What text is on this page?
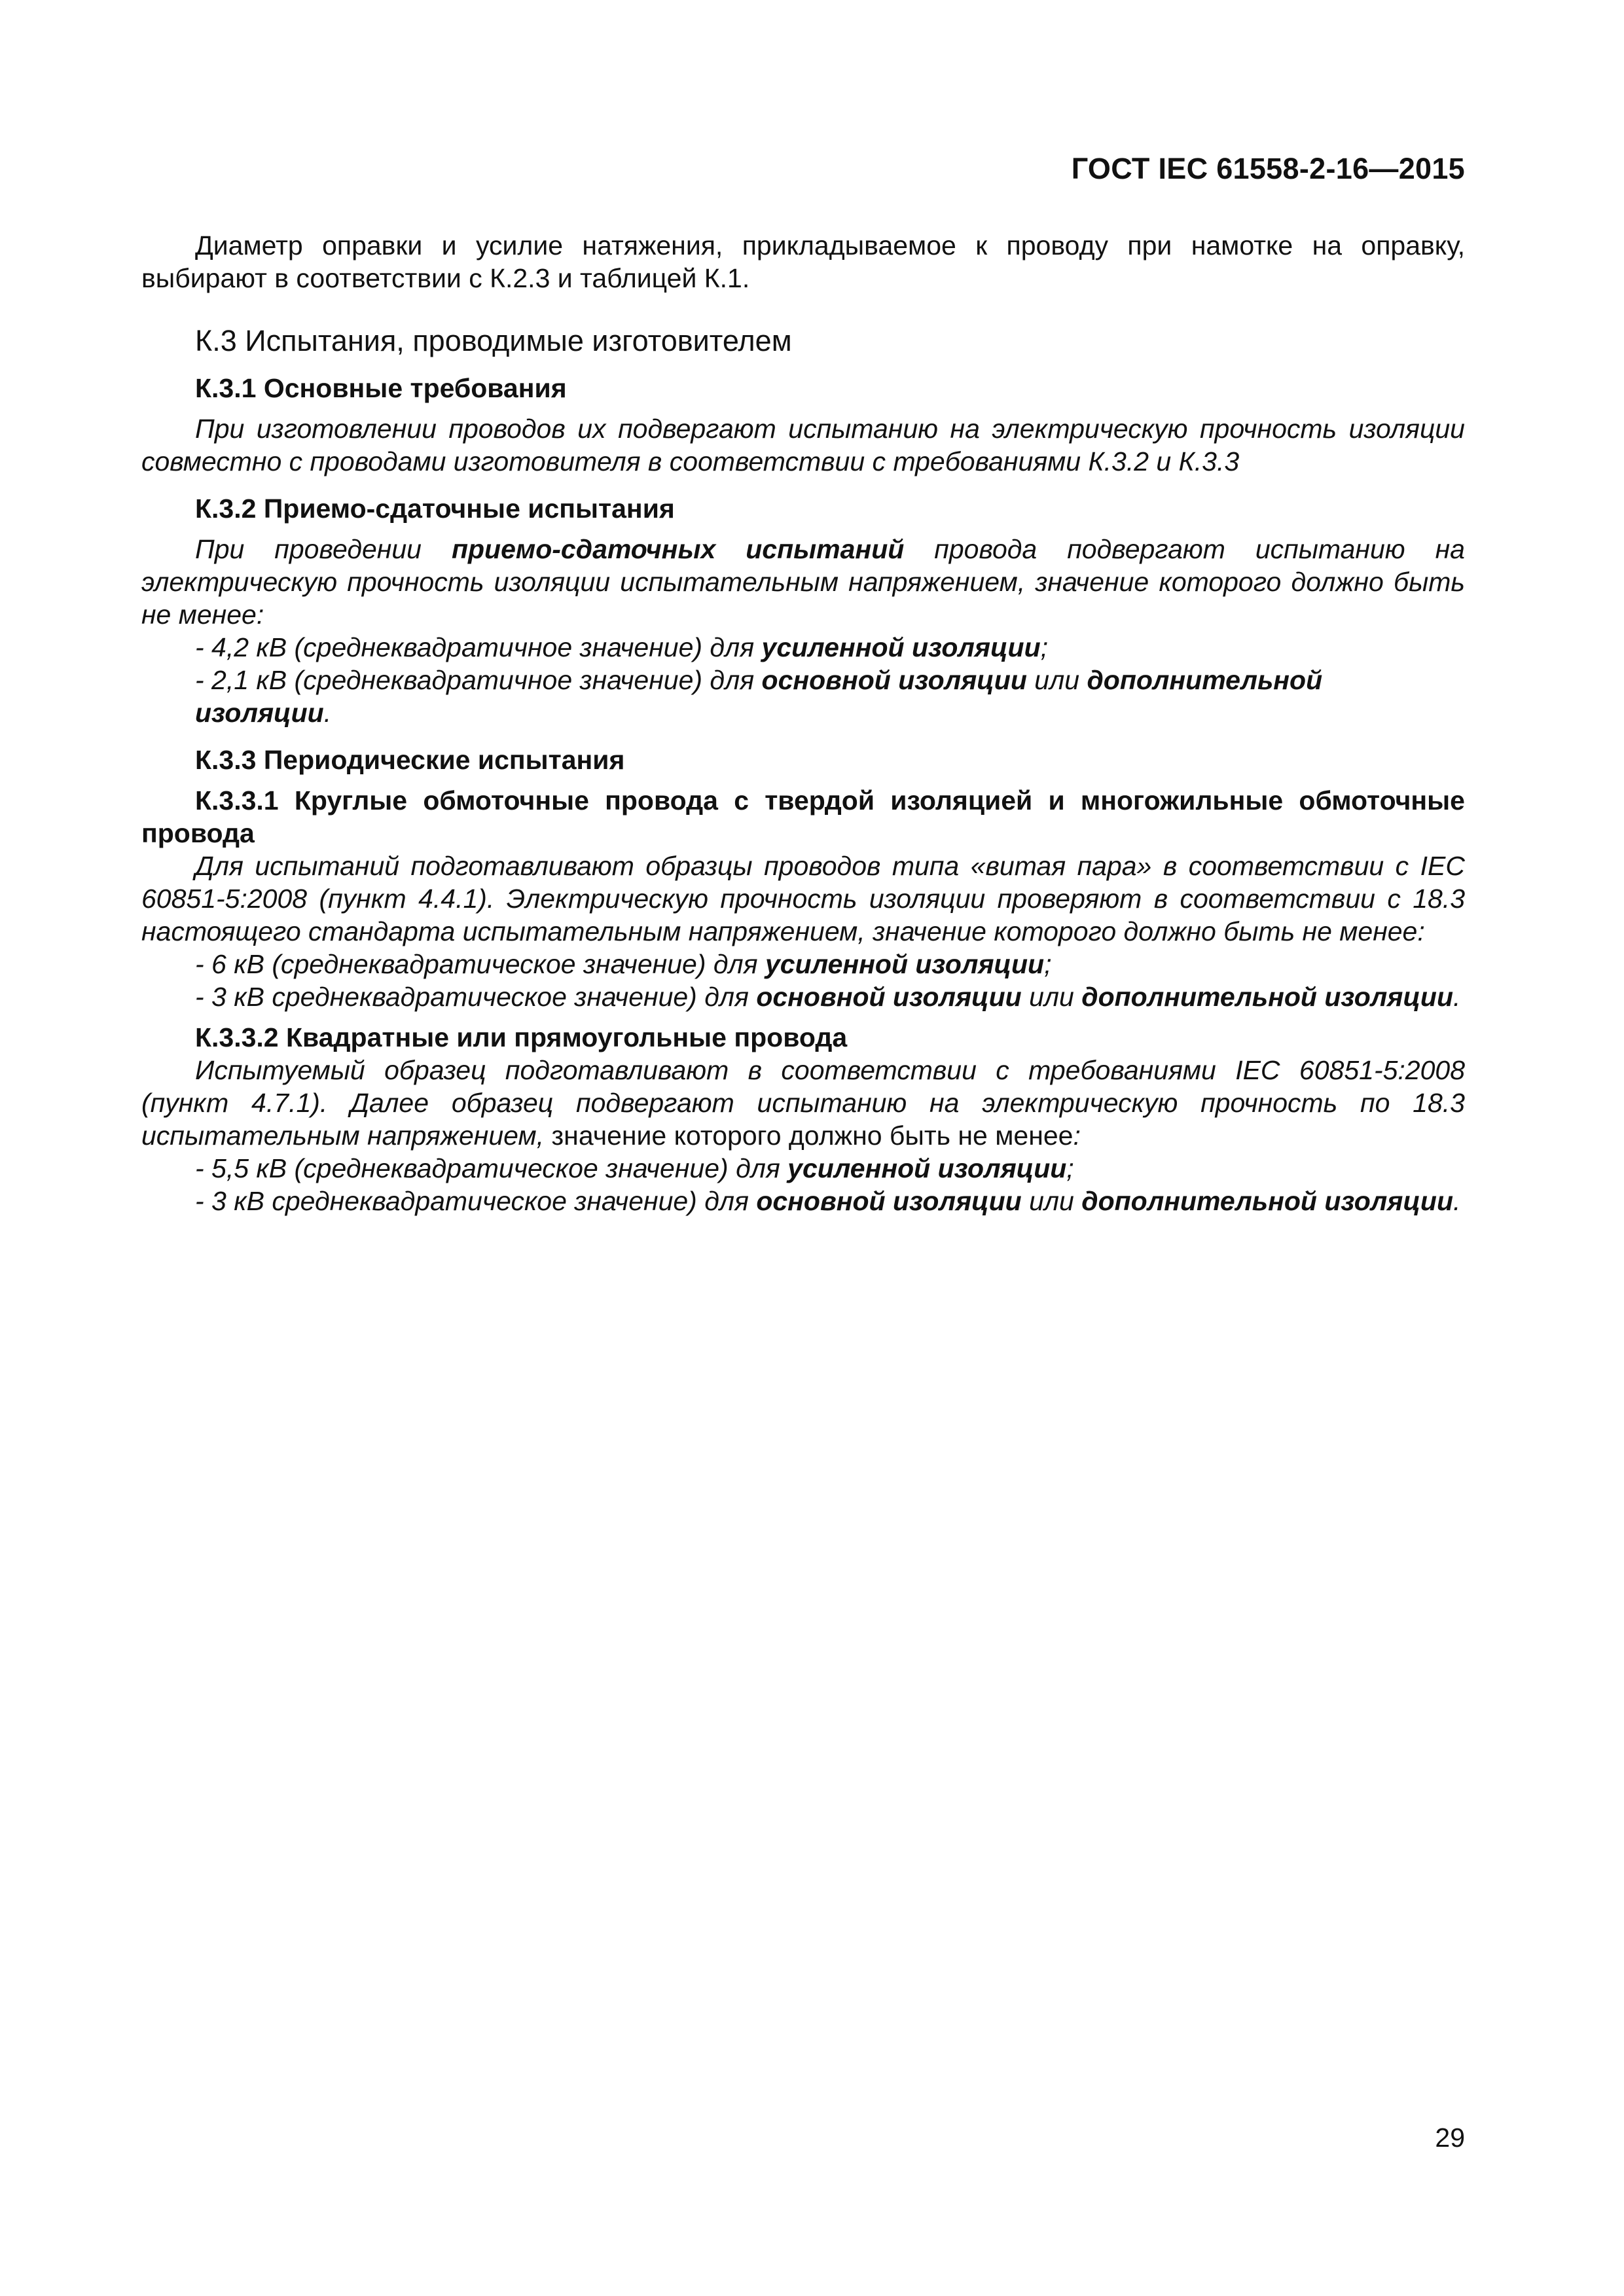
ГОСТ IEC 61558-2-16—2015

Диаметр оправки и усилие натяжения, прикладываемое к проводу при намотке на оправку, выбирают в соответствии с К.2.3 и таблицей К.1.

К.3 Испытания, проводимые изготовителем

К.3.1 Основные требования

При изготовлении проводов их подвергают испытанию на электрическую прочность изоляции совместно с проводами изготовителя в соответствии с требованиями К.3.2 и К.3.3

К.3.2 Приемо-сдаточные испытания

При проведении приемо-сдаточных испытаний провода подвергают испытанию на электрическую прочность изоляции испытательным напряжением, значение которого должно быть не менее:

- 4,2 кВ (среднеквадратичное значение) для усиленной изоляции;

- 2,1 кВ (среднеквадратичное значение) для основной изоляции или дополнительной изоляции.

К.3.3 Периодические испытания

К.3.3.1 Круглые обмоточные провода с твердой изоляцией и многожильные обмоточные провода

Для испытаний подготавливают образцы проводов типа «витая пара» в соответствии с IEC 60851-5:2008 (пункт 4.4.1). Электрическую прочность изоляции проверяют в соответствии с 18.3 настоящего стандарта испытательным напряжением, значение которого должно быть не менее:

- 6 кВ (среднеквадратическое значение) для усиленной изоляции;

- 3 кВ среднеквадратическое значение) для основной изоляции или дополнительной изоляции.

К.3.3.2 Квадратные или прямоугольные провода

Испытуемый образец подготавливают в соответствии с требованиями IEC 60851-5:2008 (пункт 4.7.1). Далее образец подвергают испытанию на электрическую прочность по 18.3 испытательным напряжением, значение которого должно быть не менее:

- 5,5 кВ (среднеквадратическое значение) для усиленной изоляции;

- 3 кВ среднеквадратическое значение) для основной изоляции или дополнительной изоляции.

29
